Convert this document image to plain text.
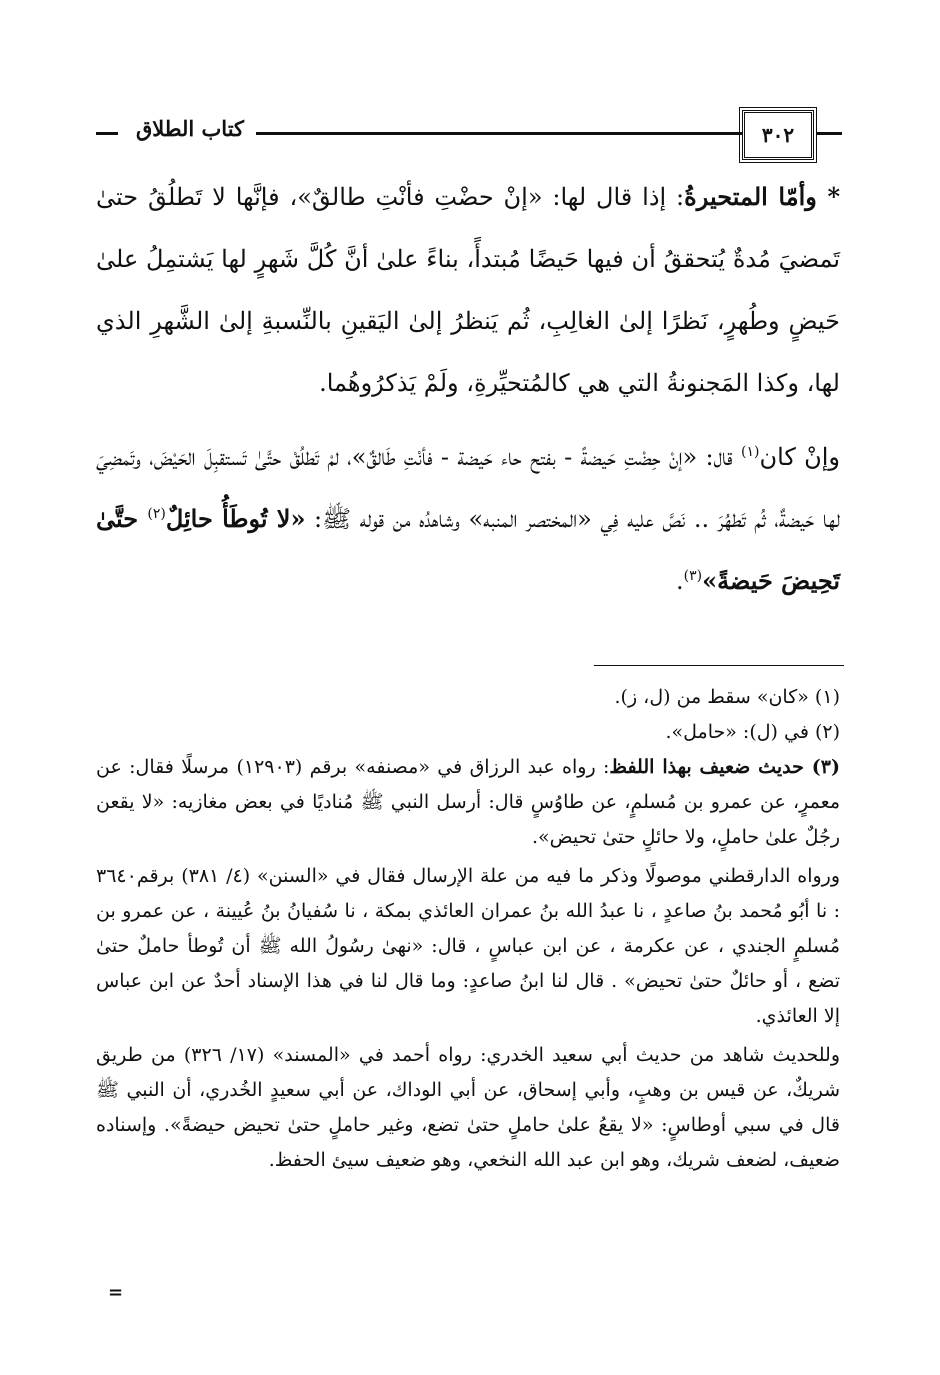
كتاب الطلاق	٣٠٢

* وأمّا المتحيرةُ: إذا قال لها: «إنْ حضْتِ فأنْتِ طالقٌ»، فإنَّها لا تَطلُقُ حتىٰ تَمضيَ مُدةٌ يُتحققُ أن فيها حَيضًا مُبتدأً، بناءً علىٰ أنَّ كُلَّ شَهرٍ لها يَشتمِلُ علىٰ حَيضٍ وطُهرٍ، نَظرًا إلىٰ الغالِبِ، ثُم يَنظرُ إلىٰ اليَقينِ بالنِّسبةِ إلىٰ الشَّهرِ الذي لها، وكذا المَجنونةُ التي هي كالمُتحيِّرةِ، ولَمْ يَذكرُوهُما.

وإنْ كان$^{(١)}$ قال: «إنْ حِضْتِ حَيضةً - بفتح حاء حَيضة - فأنْتِ طَالقٌ»، لمْ تَطلُقْ حتَّىٰ تَستقبِلَ الحَيْضَ، وتَمضِيَ لها حَيضةٌ، ثُم تَطهُرَ .. نَصَّ عليه فِي «المختصر المنبه» وشاهدُه من قوله ﷺ: «لا تُوطَأُ حائِلٌ$^{(٢)}$ حتَّىٰ تَحِيضَ حَيضةً»$^{(٣)}$.

(١) «كان» سقط من (ل، ز).

(٢) في (ل): «حامل».

(٣) حديث ضعيف بهذا اللفظ: رواه عبد الرزاق في «مصنفه» برقم (١٢٩٠٣) مرسلًا فقال: عن معمرٍ، عن عمرو بن مُسلمٍ، عن طاوُسٍ قال: أرسل النبي ﷺ مُناديًا في بعض مغازيه: «لا يقعن رجُلٌ علىٰ حاملٍ، ولا حائلٍ حتىٰ تحيض».

ورواه الدارقطني موصولًا وذكر ما فيه من علة الإرسال فقال في «السنن» (٤/ ٣٨١) برقم٣٦٤٠ : نا أبُو مُحمد بنُ صاعدٍ ، نا عبدُ الله بنُ عمران العائذي بمكة ، نا سُفيانُ بنُ عُيينة ، عن عمرو بن مُسلمٍ الجندي ، عن عكرمة ، عن ابن عباسٍ ، قال: «نهىٰ رسُولُ الله ﷺ أن تُوطأ حاملٌ حتىٰ تضع ، أو حائلٌ حتىٰ تحيض» . قال لنا ابنُ صاعدٍ: وما قال لنا في هذا الإسناد أحدٌ عن ابن عباس إلا العائذي.

وللحديث شاهد من حديث أبي سعيد الخدري: رواه أحمد في «المسند» (١٧/ ٣٢٦) من طريق شريكٌ، عن قيس بن وهبٍ، وأبي إسحاق، عن أبي الوداك، عن أبي سعيدٍ الخُدري، أن النبي ﷺ قال في سبي أوطاسٍ: «لا يقعُ علىٰ حاملٍ حتىٰ تضع، وغير حاملٍ حتىٰ تحيض حيضةً». وإسناده ضعيف، لضعف شريك، وهو ابن عبد الله النخعي، وهو ضعيف سيئ الحفظ.

=
